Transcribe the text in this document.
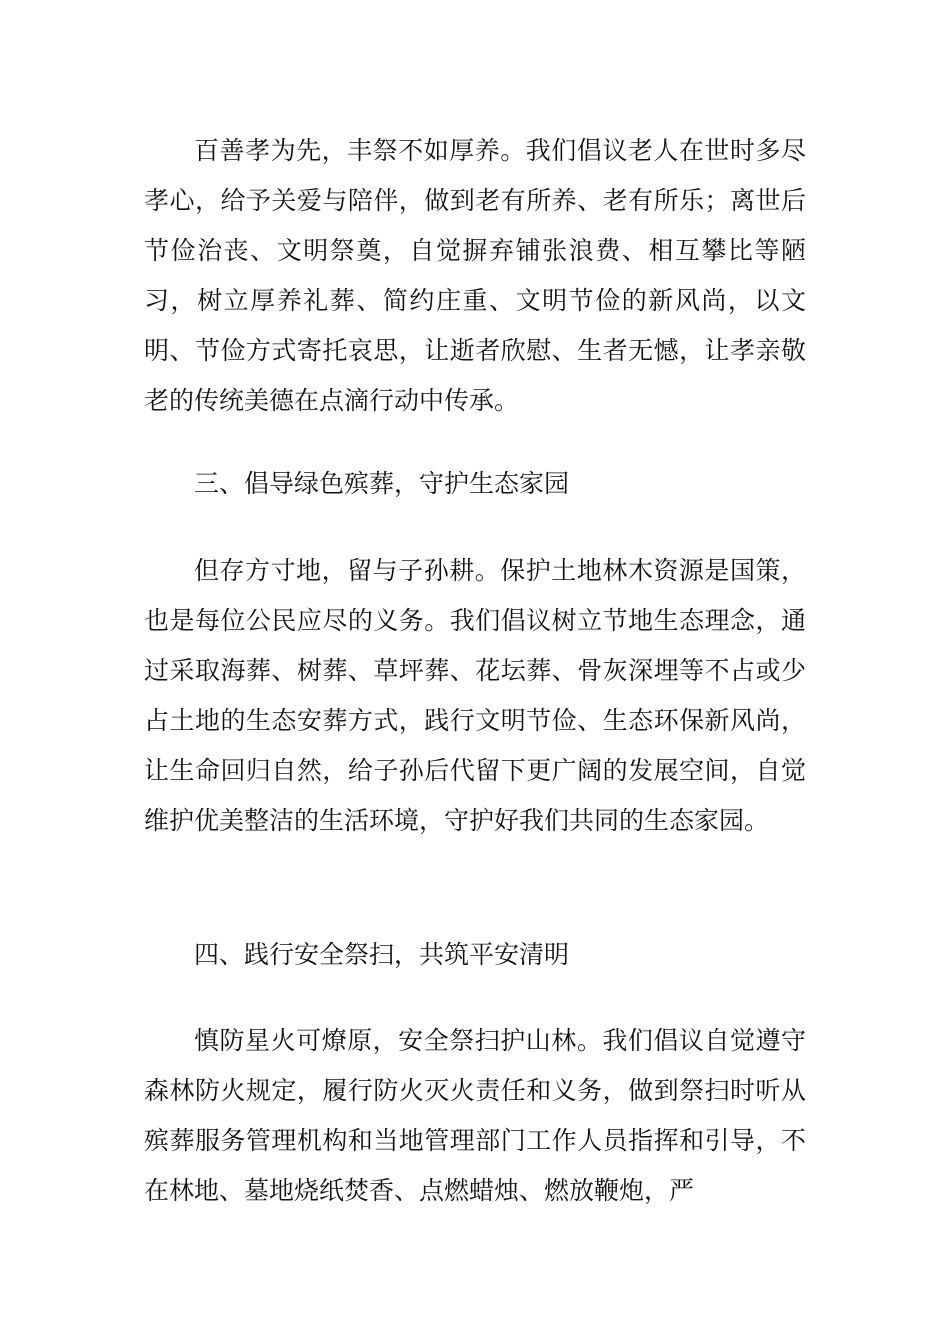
百善孝为先，丰祭不如厚养。我们倡议老人在世时多尽孝心，给予关爱与陪伴，做到老有所养、老有所乐；离世后节俭治丧、文明祭奠，自觉摒弃铺张浪费、相互攀比等陋习，树立厚养礼葬、简约庄重、文明节俭的新风尚，以文明、节俭方式寄托哀思，让逝者欣慰、生者无憾，让孝亲敬老的传统美德在点滴行动中传承。

三、倡导绿色殡葬，守护生态家园

但存方寸地，留与子孙耕。保护土地林木资源是国策，也是每位公民应尽的义务。我们倡议树立节地生态理念，通过采取海葬、树葬、草坪葬、花坛葬、骨灰深埋等不占或少占土地的生态安葬方式，践行文明节俭、生态环保新风尚，让生命回归自然，给子孙后代留下更广阔的发展空间，自觉维护优美整洁的生活环境，守护好我们共同的生态家园。

四、践行安全祭扫，共筑平安清明

慎防星火可燎原，安全祭扫护山林。我们倡议自觉遵守森林防火规定，履行防火灭火责任和义务，做到祭扫时听从殡葬服务管理机构和当地管理部门工作人员指挥和引导，不在林地、墓地烧纸焚香、点燃蜡烛、燃放鞭炮，严
